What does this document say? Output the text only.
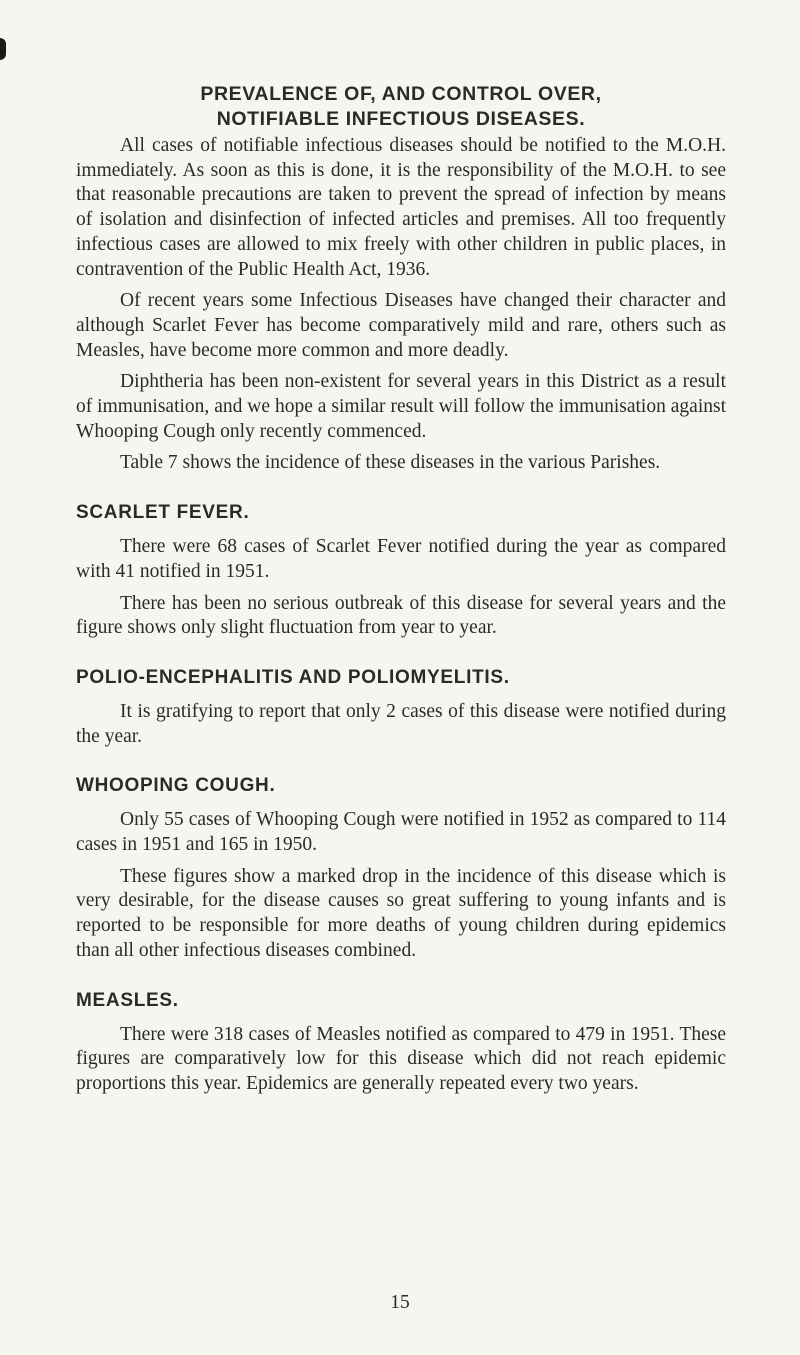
PREVALENCE OF, AND CONTROL OVER,
NOTIFIABLE INFECTIOUS DISEASES.

All cases of notifiable infectious diseases should be notified to the M.O.H. immediately. As soon as this is done, it is the responsibility of the M.O.H. to see that reasonable precautions are taken to prevent the spread of infection by means of isolation and disinfection of infected articles and premises. All too frequently infectious cases are allowed to mix freely with other children in public places, in contravention of the Public Health Act, 1936.

Of recent years some Infectious Diseases have changed their character and although Scarlet Fever has become comparatively mild and rare, others such as Measles, have become more common and more deadly.

Diphtheria has been non-existent for several years in this District as a result of immunisation, and we hope a similar result will follow the immunisation against Whooping Cough only recently commenced.

Table 7 shows the incidence of these diseases in the various Parishes.

SCARLET FEVER.

There were 68 cases of Scarlet Fever notified during the year as compared with 41 notified in 1951.

There has been no serious outbreak of this disease for several years and the figure shows only slight fluctuation from year to year.

POLIO-ENCEPHALITIS AND POLIOMYELITIS.

It is gratifying to report that only 2 cases of this disease were notified during the year.

WHOOPING COUGH.

Only 55 cases of Whooping Cough were notified in 1952 as compared to 114 cases in 1951 and 165 in 1950.

These figures show a marked drop in the incidence of this disease which is very desirable, for the disease causes so great suffering to young infants and is reported to be responsible for more deaths of young children during epidemics than all other infectious diseases combined.

MEASLES.

There were 318 cases of Measles notified as compared to 479 in 1951. These figures are comparatively low for this disease which did not reach epidemic proportions this year. Epidemics are generally repeated every two years.

15
